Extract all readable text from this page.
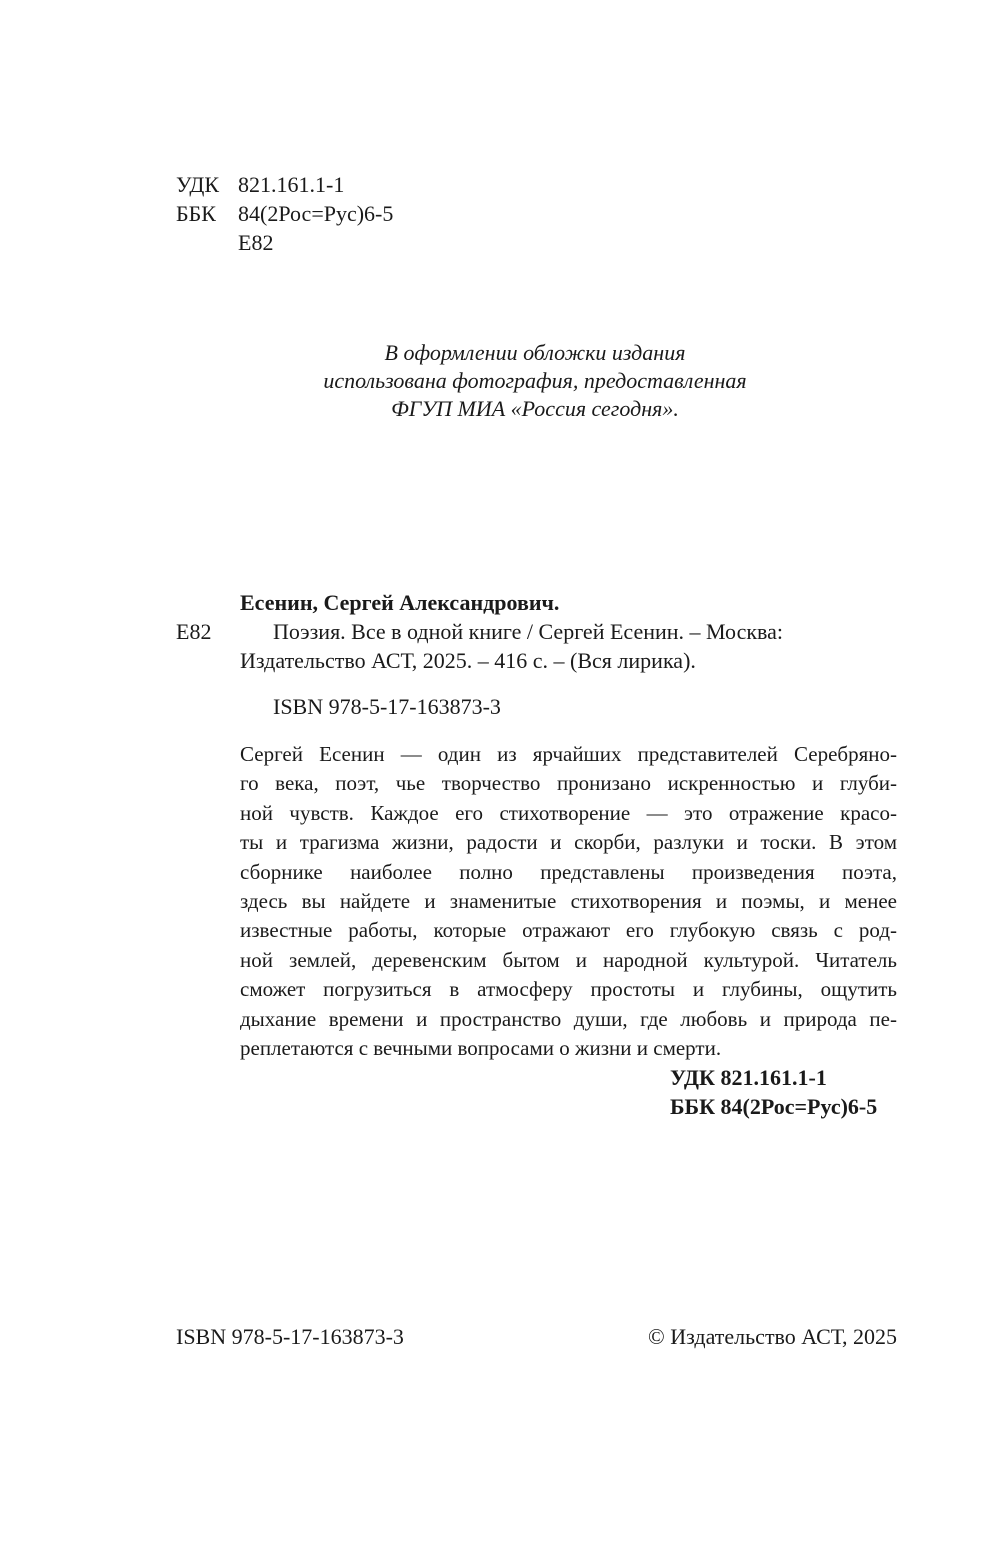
УДК 821.161.1-1
ББК 84(2Рос=Рус)6-5
Е82
В оформлении обложки издания
использована фотография, предоставленная
ФГУП МИА «Россия сегодня».
Есенин, Сергей Александрович.
Е82	Поэзия. Все в одной книге / Сергей Есенин. – Москва:
Издательство АСТ, 2025. – 416 с. – (Вся лирика).
ISBN 978-5-17-163873-3
Сергей Есенин — один из ярчайших представителей Серебряно-
го века, поэт, чье творчество пронизано искренностью и глуби-
ной чувств. Каждое его стихотворение — это отражение красо-
ты и трагизма жизни, радости и скорби, разлуки и тоски. В этом
сборнике наиболее полно представлены произведения поэта,
здесь вы найдете и знаменитые стихотворения и поэмы, и менее
известные работы, которые отражают его глубокую связь с род-
ной землей, деревенским бытом и народной культурой. Читатель
сможет погрузиться в атмосферу простоты и глубины, ощутить
дыхание времени и пространство души, где любовь и природа пе-
реплетаются с вечными вопросами о жизни и смерти.
УДК 821.161.1-1
ББК 84(2Рос=Рус)6-5
ISBN 978-5-17-163873-3	© Издательство АСТ, 2025
